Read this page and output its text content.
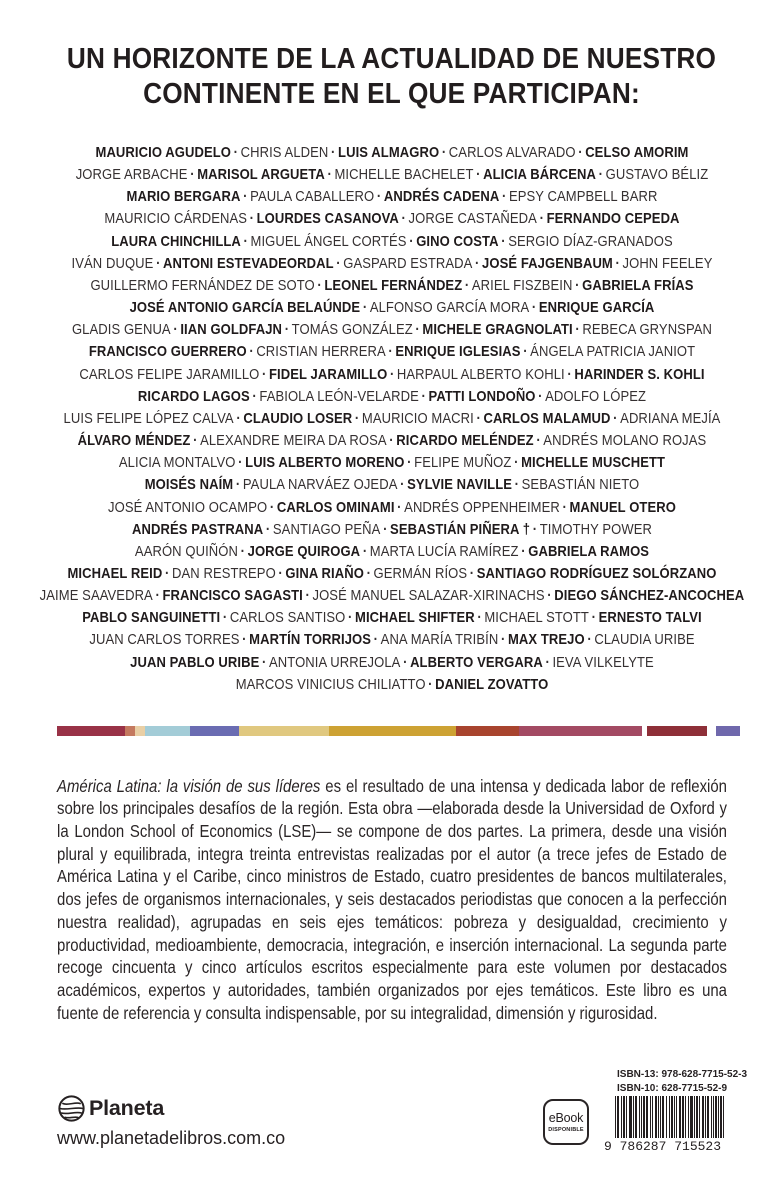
UN HORIZONTE DE LA ACTUALIDAD DE NUESTRO
CONTINENTE EN EL QUE PARTICIPAN:
MAURICIO AGUDELO · CHRIS ALDEN · LUIS ALMAGRO · CARLOS ALVARADO · CELSO AMORIM
JORGE ARBACHE · MARISOL ARGUETA · MICHELLE BACHELET · ALICIA BÁRCENA · GUSTAVO BÉLIZ
MARIO BERGARA · PAULA CABALLERO · ANDRÉS CADENA · EPSY CAMPBELL BARR
MAURICIO CÁRDENAS · LOURDES CASANOVA · JORGE CASTAÑEDA · FERNANDO CEPEDA
LAURA CHINCHILLA · MIGUEL ÁNGEL CORTÉS · GINO COSTA · SERGIO DÍAZ-GRANADOS
IVÁN DUQUE · ANTONI ESTEVADEORDAL · GASPARD ESTRADA · JOSÉ FAJGENBAUM · JOHN FEELEY
GUILLERMO FERNÁNDEZ DE SOTO · LEONEL FERNÁNDEZ · ARIEL FISZBEIN · GABRIELA FRÍAS
JOSÉ ANTONIO GARCÍA BELAÚNDE · ALFONSO GARCÍA MORA · ENRIQUE GARCÍA
GLADIS GENUA · IIAN GOLDFAJN · TOMÁS GONZÁLEZ · MICHELE GRAGNOLATI · REBECA GRYNSPAN
FRANCISCO GUERRERO · CRISTIAN HERRERA · ENRIQUE IGLESIAS · ÁNGELA PATRICIA JANIOT
CARLOS FELIPE JARAMILLO · FIDEL JARAMILLO · HARPAUL ALBERTO KOHLI · HARINDER S. KOHLI
RICARDO LAGOS · FABIOLA LEÓN-VELARDE · PATTI LONDOÑO · ADOLFO LÓPEZ
LUIS FELIPE LÓPEZ CALVA · CLAUDIO LOSER · MAURICIO MACRI · CARLOS MALAMUD · ADRIANA MEJÍA
ÁLVARO MÉNDEZ · ALEXANDRE MEIRA DA ROSA · RICARDO MELÉNDEZ · ANDRÉS MOLANO ROJAS
ALICIA MONTALVO · LUIS ALBERTO MORENO · FELIPE MUÑOZ · MICHELLE MUSCHETT
MOISÉS NAÍM · PAULA NARVÁEZ OJEDA · SYLVIE NAVILLE · SEBASTIÁN NIETO
JOSÉ ANTONIO OCAMPO · CARLOS OMINAMI · ANDRÉS OPPENHEIMER · MANUEL OTERO
ANDRÉS PASTRANA · SANTIAGO PEÑA · SEBASTIÁN PIÑERA † · TIMOTHY POWER
AARÓN QUIÑÓN · JORGE QUIROGA · MARTA LUCÍA RAMÍREZ · GABRIELA RAMOS
MICHAEL REID · DAN RESTREPO · GINA RIAÑO · GERMÁN RÍOS · SANTIAGO RODRÍGUEZ SOLÓRZANO
JAIME SAAVEDRA · FRANCISCO SAGASTI · JOSÉ MANUEL SALAZAR-XIRINACHS · DIEGO SÁNCHEZ-ANCOCHEA
PABLO SANGUINETTI · CARLOS SANTISO · MICHAEL SHIFTER · MICHAEL STOTT · ERNESTO TALVI
JUAN CARLOS TORRES · MARTÍN TORRIJOS · ANA MARÍA TRIBÍN · MAX TREJO · CLAUDIA URIBE
JUAN PABLO URIBE · ANTONIA URREJOLA · ALBERTO VERGARA · IEVA VILKELYTE
MARCOS VINICIUS CHILIATTO · DANIEL ZOVATTO

América Latina: la visión de sus líderes es el resultado de una intensa y dedicada labor de reflexión sobre los principales desafíos de la región. Esta obra —elaborada desde la Universidad de Oxford y la London School of Economics (LSE)— se compone de dos partes. La primera, desde una visión plural y equilibrada, integra treinta entrevistas realizadas por el autor (a trece jefes de Estado de América Latina y el Caribe, cinco ministros de Estado, cuatro presidentes de bancos multilaterales, dos jefes de organismos internacionales, y seis destacados periodistas que conocen a la perfección nuestra realidad), agrupadas en seis ejes temáticos: pobreza y desigualdad, crecimiento y productividad, medioambiente, democracia, integración, e inserción internacional. La segunda parte recoge cincuenta y cinco artículos escritos especialmente para este volumen por destacados académicos, expertos y autoridades, también organizados por ejes temáticos. Este libro es una fuente de referencia y consulta indispensable, por su integralidad, dimensión y rigurosidad.

Planeta
www.planetadelibros.com.co
eBook
DISPONIBLE
ISBN-13: 978-628-7715-52-3
ISBN-10: 628-7715-52-9
9 786287 715523
